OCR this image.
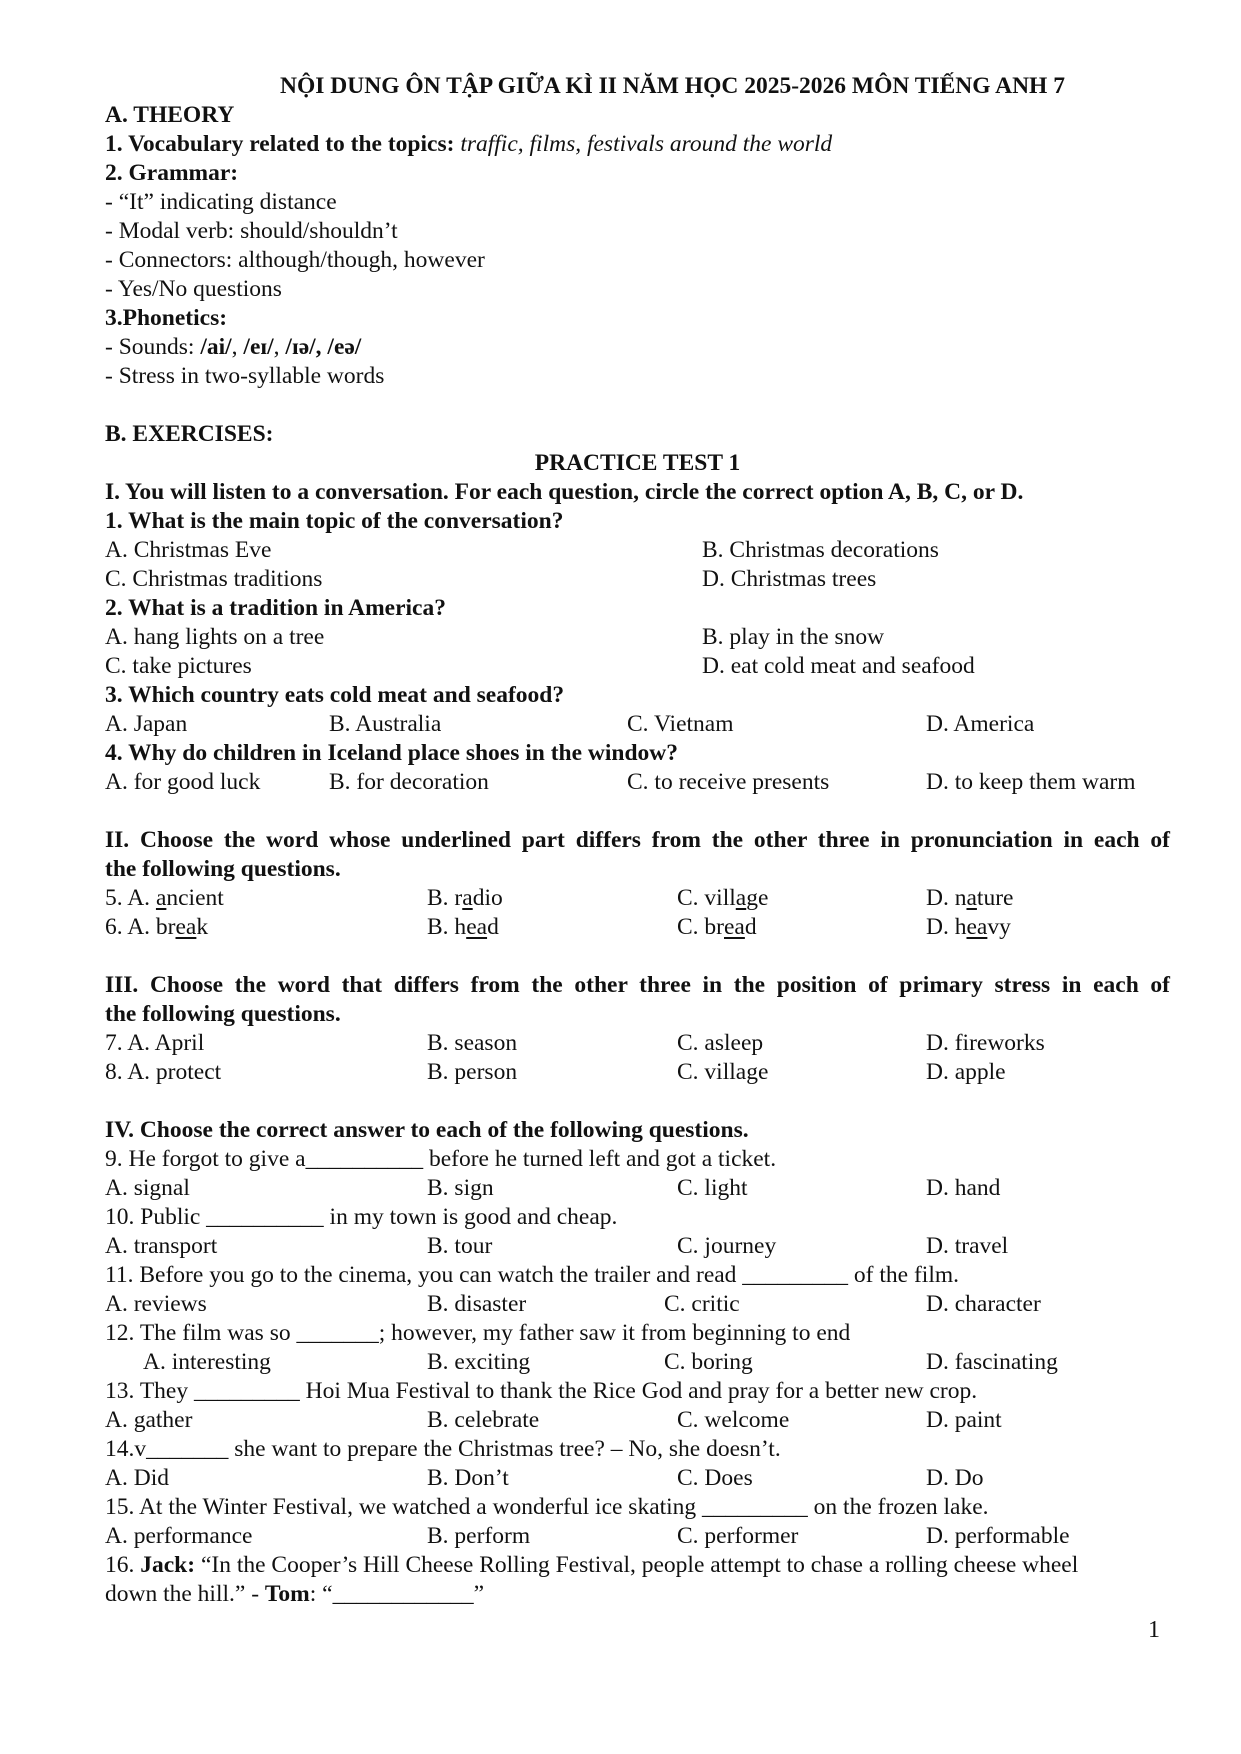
NỘI DUNG ÔN TẬP GIỮA KÌ II NĂM HỌC 2025-2026 MÔN TIẾNG ANH 7
A. THEORY
1. Vocabulary related to the topics: traffic, films, festivals around the world
2. Grammar:
- “It” indicating distance
- Modal verb: should/shouldn’t
- Connectors: although/though, however
- Yes/No questions
3.Phonetics:
- Sounds: /ai/, /eɪ/, /ɪə/, /eə/
- Stress in two-syllable words
B. EXERCISES:
PRACTICE TEST 1
I. You will listen to a conversation. For each question, circle the correct option A, B, C, or D.
1. What is the main topic of the conversation?
A. Christmas Eve	B. Christmas decorations
C. Christmas traditions	D. Christmas trees
2. What is a tradition in America?
A. hang lights on a tree	B. play in the snow
C. take pictures	D. eat cold meat and seafood
3. Which country eats cold meat and seafood?
A. Japan	B. Australia	C. Vietnam	D. America
4. Why do children in Iceland place shoes in the window?
A. for good luck	B. for decoration	C. to receive presents	D. to keep them warm
II. Choose the word whose underlined part differs from the other three in pronunciation in each of
the following questions.
5. A. ancient	B. radio	C. village	D. nature
6. A. break	B. head	C. bread	D. heavy
III. Choose the word that differs from the other three in the position of primary stress in each of
the following questions.
7. A. April	B. season	C. asleep	D. fireworks
8. A. protect	B. person	C. village	D. apple
IV. Choose the correct answer to each of the following questions.
9. He forgot to give a__________ before he turned left and got a ticket.
A. signal	B. sign	C. light	D. hand
10. Public __________ in my town is good and cheap.
A. transport	B. tour	C. journey	D. travel
11. Before you go to the cinema, you can watch the trailer and read _________ of the film.
A. reviews	B. disaster	C. critic	D. character
12. The film was so _______; however, my father saw it from beginning to end
A. interesting	B. exciting	C. boring	D. fascinating
13. They _________ Hoi Mua Festival to thank the Rice God and pray for a better new crop.
A. gather	B. celebrate	C. welcome	D. paint
14.v_______ she want to prepare the Christmas tree? – No, she doesn’t.
A. Did	B. Don’t	C. Does	D. Do
15. At the Winter Festival, we watched a wonderful ice skating _________ on the frozen lake.
A. performance	B. perform	C. performer	D. performable
16. Jack: “In the Cooper’s Hill Cheese Rolling Festival, people attempt to chase a rolling cheese wheel
down the hill.” - Tom: “____________”
1
